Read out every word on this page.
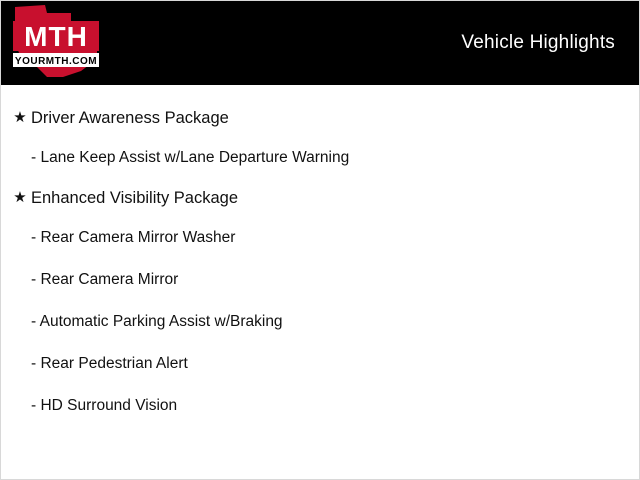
MTH
YOURMTH.COM
Vehicle Highlights
★ Driver Awareness Package
- Lane Keep Assist w/Lane Departure Warning
★ Enhanced Visibility Package
- Rear Camera Mirror Washer
- Rear Camera Mirror
- Automatic Parking Assist w/Braking
- Rear Pedestrian Alert
- HD Surround Vision
